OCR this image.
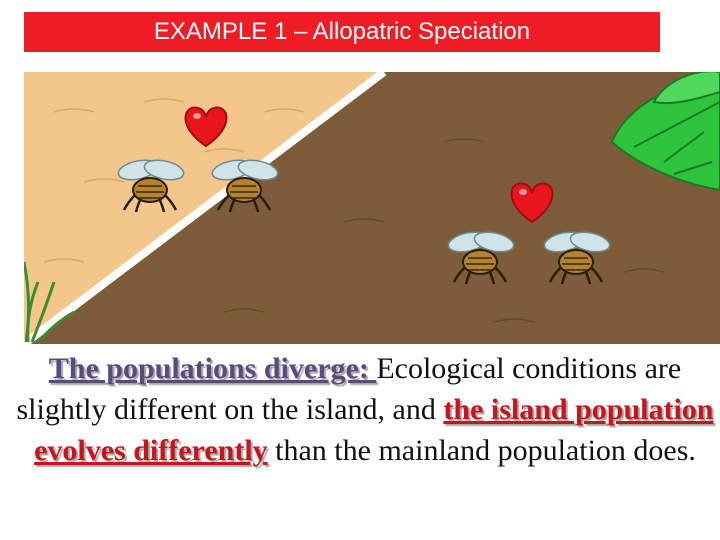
EXAMPLE 1 – Allopatric Speciation
The populations diverge: Ecological conditions are slightly different on the island, and the island population evolves differently than the mainland population does.
